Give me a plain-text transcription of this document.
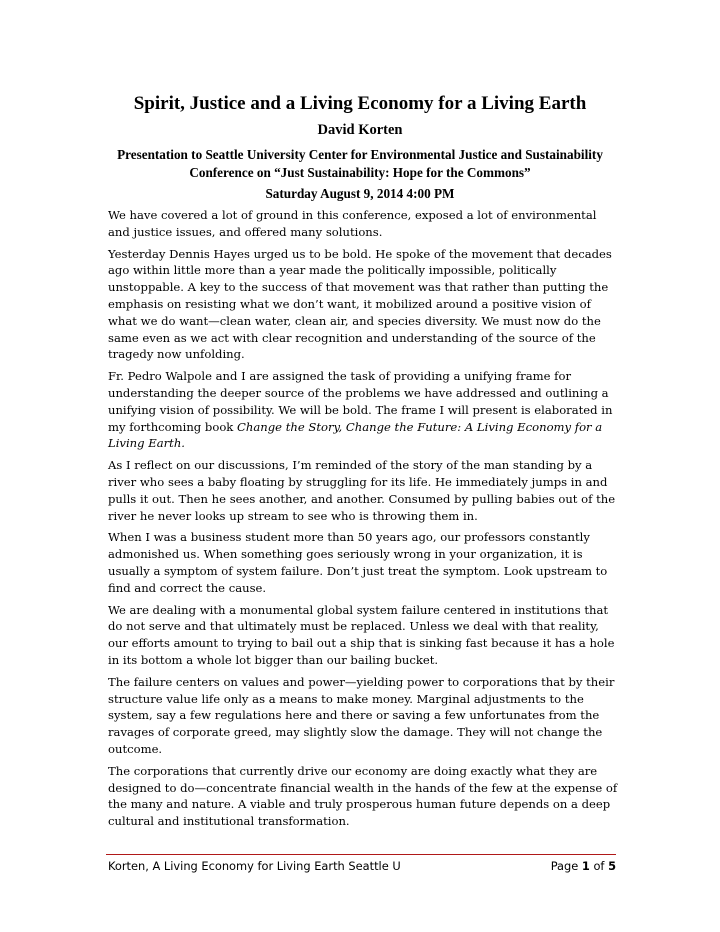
Spirit, Justice and a Living Economy for a Living Earth
David Korten
Presentation to Seattle University Center for Environmental Justice and Sustainability Conference on “Just Sustainability: Hope for the Commons”
Saturday August 9, 2014 4:00 PM

We have covered a lot of ground in this conference, exposed a lot of environmental and justice issues, and offered many solutions.

Yesterday Dennis Hayes urged us to be bold. He spoke of the movement that decades ago within little more than a year made the politically impossible, politically unstoppable. A key to the success of that movement was that rather than putting the emphasis on resisting what we don’t want, it mobilized around a positive vision of what we do want—clean water, clean air, and species diversity. We must now do the same even as we act with clear recognition and understanding of the source of the tragedy now unfolding.

Fr. Pedro Walpole and I are assigned the task of providing a unifying frame for understanding the deeper source of the problems we have addressed and outlining a unifying vision of possibility. We will be bold. The frame I will present is elaborated in my forthcoming book Change the Story, Change the Future: A Living Economy for a Living Earth.

As I reflect on our discussions, I’m reminded of the story of the man standing by a river who sees a baby floating by struggling for its life. He immediately jumps in and pulls it out. Then he sees another, and another. Consumed by pulling babies out of the river he never looks up stream to see who is throwing them in.

When I was a business student more than 50 years ago, our professors constantly admonished us. When something goes seriously wrong in your organization, it is usually a symptom of system failure. Don’t just treat the symptom. Look upstream to find and correct the cause.

We are dealing with a monumental global system failure centered in institutions that do not serve and that ultimately must be replaced. Unless we deal with that reality, our efforts amount to trying to bail out a ship that is sinking fast because it has a hole in its bottom a whole lot bigger than our bailing bucket.

The failure centers on values and power—yielding power to corporations that by their structure value life only as a means to make money. Marginal adjustments to the system, say a few regulations here and there or saving a few unfortunates from the ravages of corporate greed, may slightly slow the damage. They will not change the outcome.

The corporations that currently drive our economy are doing exactly what they are designed to do—concentrate financial wealth in the hands of the few at the expense of the many and nature. A viable and truly prosperous human future depends on a deep cultural and institutional transformation.

Korten, A Living Economy for Living Earth Seattle U	Page 1 of 5
